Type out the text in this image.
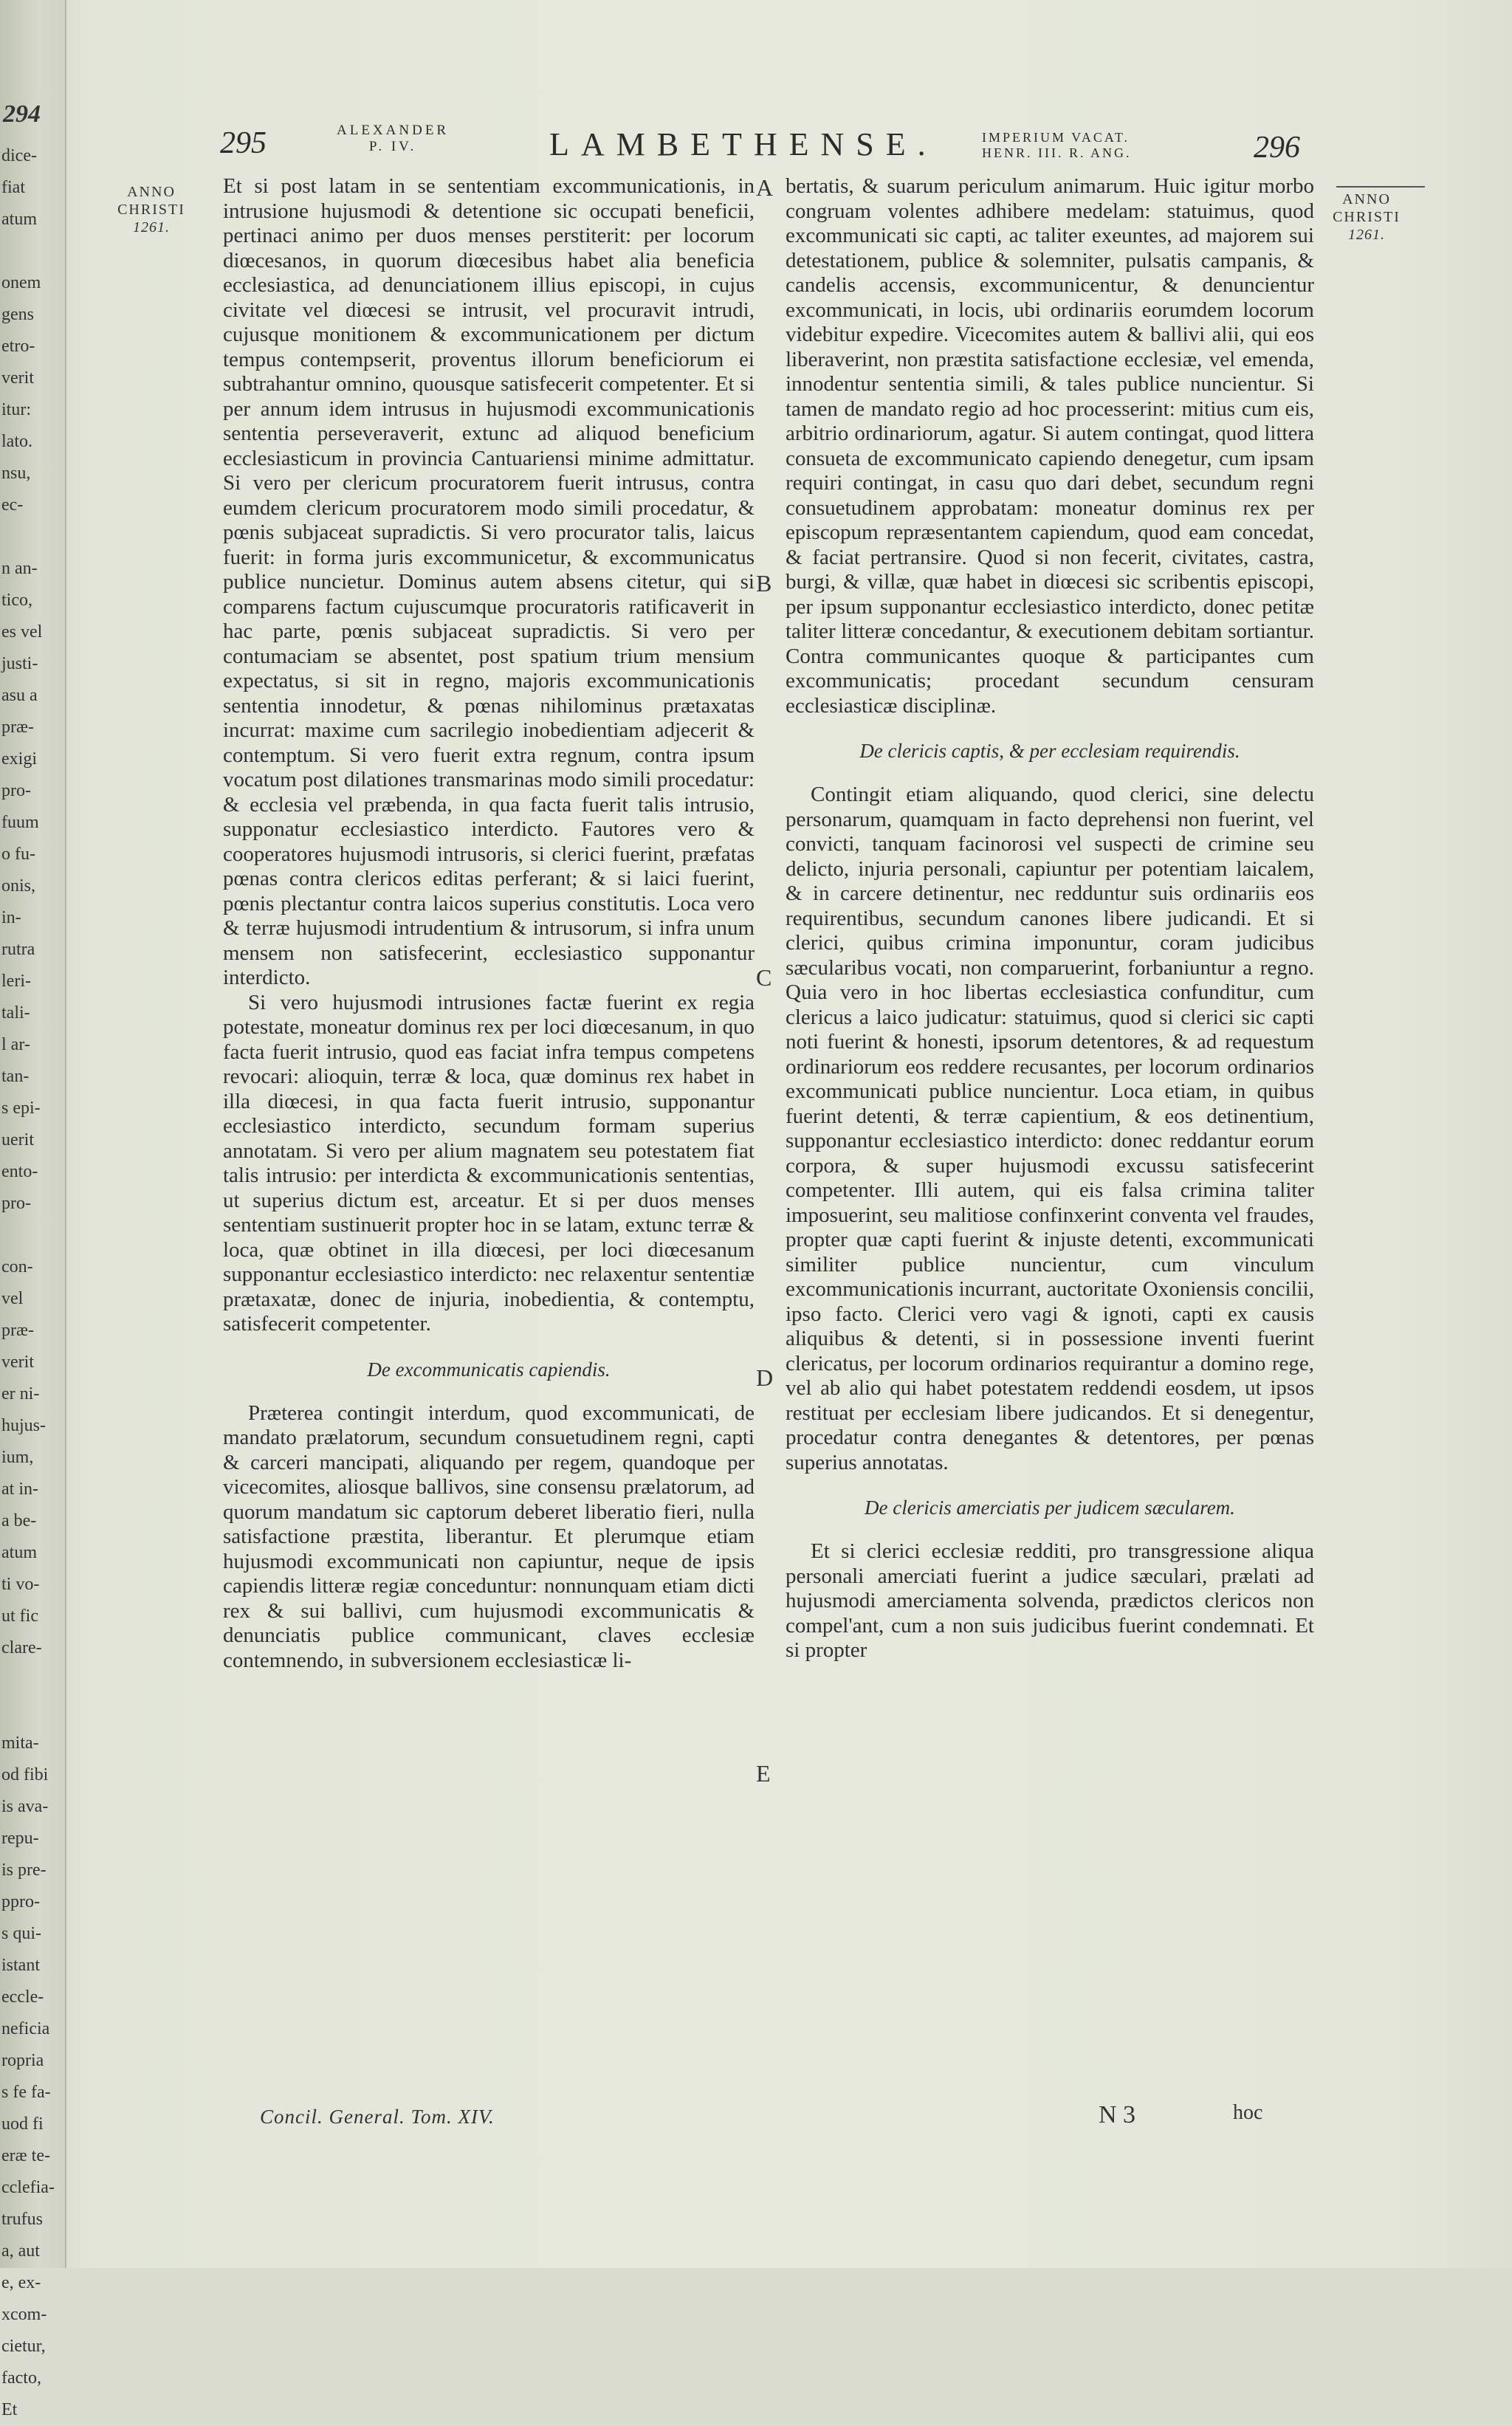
294
dice-
fiat
atum
onem
gens
etro-
verit
itur:
lato.
nsu,
ec-
n an-
tico,
es vel
justi-
asu a
præ-
exigi
pro-
fuum
o fu-
onis,
in-
rutra
leri-
tali-
l ar-
tan-
s epi-
uerit
ento-
pro-
con-
vel
præ-
verit
er ni-
hujus-
ium,
at in-
a be-
atum
ti vo-
ut fic
clare-
mita-
od fibi
is ava-
repu-
is pre-
ppro-
s qui-
istant
eccle-
neficia
ropria
s fe fa-
uod fi
eræ te-
cclefia-
trufus
a, aut
e, ex-
xcom-
cietur,
facto,
Et
295	ALEXANDER
P. IV.	LAMBETHENSE.	IMPERIUM VACAT.
HENR. III. R. ANG.	296
ANNO
CHRISTI
1261.
ANNO
CHRISTI
1261.
A
B
C
D
E

Et si post latam in se sententiam excommunicationis, in intrusione hujusmodi & detentione sic occupati beneficii, pertinaci animo per duos menses perstiterit: per locorum diœcesanos, in quorum diœcesibus habet alia beneficia ecclesiastica, ad denunciationem illius episcopi, in cujus civitate vel diœcesi se intrusit, vel procuravit intrudi, cujusque monitionem & excommunicationem per dictum tempus contempserit, proventus illorum beneficiorum ei subtrahantur omnino, quousque satisfecerit competenter. Et si per annum idem intrusus in hujusmodi excommunicationis sententia perseveraverit, extunc ad aliquod beneficium ecclesiasticum in provincia Cantuariensi minime admittatur. Si vero per clericum procuratorem fuerit intrusus, contra eumdem clericum procuratorem modo simili procedatur, & pœnis subjaceat supradictis. Si vero procurator talis, laicus fuerit: in forma juris excommunicetur, & excommunicatus publice nuncietur. Dominus autem absens citetur, qui si comparens factum cujuscumque procuratoris ratificaverit in hac parte, pœnis subjaceat supradictis. Si vero per contumaciam se absentet, post spatium trium mensium expectatus, si sit in regno, majoris excommunicationis sententia innodetur, & pœnas nihilominus prætaxatas incurrat: maxime cum sacrilegio inobedientiam adjecerit & contemptum. Si vero fuerit extra regnum, contra ipsum vocatum post dilationes transmarinas modo simili procedatur: & ecclesia vel præbenda, in qua facta fuerit talis intrusio, supponatur ecclesiastico interdicto. Fautores vero & cooperatores hujusmodi intrusoris, si clerici fuerint, præfatas pœnas contra clericos editas perferant; & si laici fuerint, pœnis plectantur contra laicos superius constitutis. Loca vero & terræ hujusmodi intrudentium & intrusorum, si infra unum mensem non satisfecerint, ecclesiastico supponantur interdicto.

Si vero hujusmodi intrusiones factæ fuerint ex regia potestate, moneatur dominus rex per loci diœcesanum, in quo facta fuerit intrusio, quod eas faciat infra tempus competens revocari: alioquin, terræ & loca, quæ dominus rex habet in illa diœcesi, in qua facta fuerit intrusio, supponantur ecclesiastico interdicto, secundum formam superius annotatam. Si vero per alium magnatem seu potestatem fiat talis intrusio: per interdicta & excommunicationis sententias, ut superius dictum est, arceatur. Et si per duos menses sententiam sustinuerit propter hoc in se latam, extunc terræ & loca, quæ obtinet in illa diœcesi, per loci diœcesanum supponantur ecclesiastico interdicto: nec relaxentur sententiæ prætaxatæ, donec de injuria, inobedientia, & contemptu, satisfecerit competenter.

De excommunicatis capiendis.

Præterea contingit interdum, quod excommunicati, de mandato prælatorum, secundum consuetudinem regni, capti & carceri mancipati, aliquando per regem, quandoque per vicecomites, aliosque ballivos, sine consensu prælatorum, ad quorum mandatum sic captorum deberet liberatio fieri, nulla satisfactione præstita, liberantur. Et plerumque etiam hujusmodi excommunicati non capiuntur, neque de ipsis capiendis litteræ regiæ conceduntur: nonnunquam etiam dicti rex & sui ballivi, cum hujusmodi excommunicatis & denunciatis publice communicant, claves ecclesiæ contemnendo, in subversionem ecclesiasticæ li-

bertatis, & suarum periculum animarum. Huic igitur morbo congruam volentes adhibere medelam: statuimus, quod excommunicati sic capti, ac taliter exeuntes, ad majorem sui detestationem, publice & solemniter, pulsatis campanis, & candelis accensis, excommunicentur, & denuncientur excommunicati, in locis, ubi ordinariis eorumdem locorum videbitur expedire. Vicecomites autem & ballivi alii, qui eos liberaverint, non præstita satisfactione ecclesiæ, vel emenda, innodentur sententia simili, & tales publice nuncientur. Si tamen de mandato regio ad hoc processerint: mitius cum eis, arbitrio ordinariorum, agatur. Si autem contingat, quod littera consueta de excommunicato capiendo denegetur, cum ipsam requiri contingat, in casu quo dari debet, secundum regni consuetudinem approbatam: moneatur dominus rex per episcopum repræsentantem capiendum, quod eam concedat, & faciat pertransire. Quod si non fecerit, civitates, castra, burgi, & villæ, quæ habet in diœcesi sic scribentis episcopi, per ipsum supponantur ecclesiastico interdicto, donec petitæ taliter litteræ concedantur, & executionem debitam sortiantur. Contra communicantes quoque & participantes cum excommunicatis; procedant secundum censuram ecclesiasticæ disciplinæ.

De clericis captis, & per ecclesiam requirendis.

Contingit etiam aliquando, quod clerici, sine delectu personarum, quamquam in facto deprehensi non fuerint, vel convicti, tanquam facinorosi vel suspecti de crimine seu delicto, injuria personali, capiuntur per potentiam laicalem, & in carcere detinentur, nec redduntur suis ordinariis eos requirentibus, secundum canones libere judicandi. Et si clerici, quibus crimina imponuntur, coram judicibus sæcularibus vocati, non comparuerint, forbaniuntur a regno. Quia vero in hoc libertas ecclesiastica confunditur, cum clericus a laico judicatur: statuimus, quod si clerici sic capti noti fuerint & honesti, ipsorum detentores, & ad requestum ordinariorum eos reddere recusantes, per locorum ordinarios excommunicati publice nuncientur. Loca etiam, in quibus fuerint detenti, & terræ capientium, & eos detinentium, supponantur ecclesiastico interdicto: donec reddantur eorum corpora, & super hujusmodi excussu satisfecerint competenter. Illi autem, qui eis falsa crimina taliter imposuerint, seu malitiose confinxerint conventa vel fraudes, propter quæ capti fuerint & injuste detenti, excommunicati similiter publice nuncientur, cum vinculum excommunicationis incurrant, auctoritate Oxoniensis concilii, ipso facto. Clerici vero vagi & ignoti, capti ex causis aliquibus & detenti, si in possessione inventi fuerint clericatus, per locorum ordinarios requirantur a domino rege, vel ab alio qui habet potestatem reddendi eosdem, ut ipsos restituat per ecclesiam libere judicandos. Et si denegentur, procedatur contra denegantes & detentores, per pœnas superius annotatas.

De clericis amerciatis per judicem sæcularem.

Et si clerici ecclesiæ redditi, pro transgressione aliqua personali amerciati fuerint a judice sæculari, prælati ad hujusmodi amerciamenta solvenda, prædictos clericos non compel'ant, cum a non suis judicibus fuerint condemnati. Et si propter

Concil. General. Tom. XIV.	N 3	hoc
